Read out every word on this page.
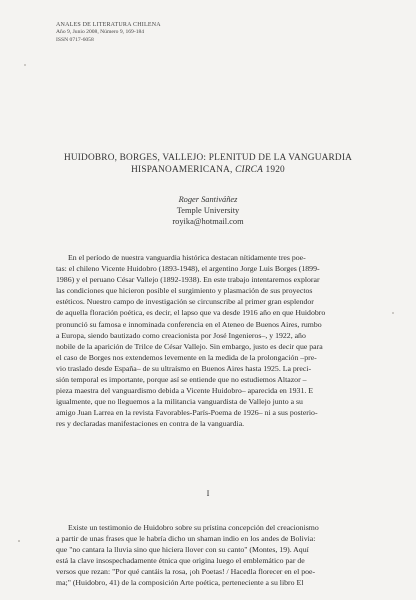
ANALES DE LITERATURA CHILENA
Año 9, Junio 2008, Número 9, 169-184
ISSN 0717-6058
HUIDOBRO, BORGES, VALLEJO: PLENITUD DE LA VANGUARDIA
HISPANOAMERICANA, CIRCA 1920
Roger Santiváñez
Temple University
royika@hotmail.com
En el período de nuestra vanguardia histórica destacan nítidamente tres poe-
tas: el chileno Vicente Huidobro (1893-1948), el argentino Jorge Luis Borges (1899-
1986) y el peruano César Vallejo (1892-1938). En este trabajo intentaremos explorar
las condiciones que hicieron posible el surgimiento y plasmación de sus proyectos
estéticos. Nuestro campo de investigación se circunscribe al primer gran esplendor
de aquella floración poética, es decir, el lapso que va desde 1916 año en que Huidobro
pronunció su famosa e innominada conferencia en el Ateneo de Buenos Aires, rumbo
a Europa, siendo bautizado como creacionista por José Ingenieros–, y 1922, año
nobile de la aparición de Trilce de César Vallejo. Sin embargo, justo es decir que para
el caso de Borges nos extendemos levemente en la medida de la prolongación –pre-
vio traslado desde España– de su ultraísmo en Buenos Aires hasta 1925. La preci-
sión temporal es importante, porque así se entiende que no estudiemos Altazor –
pieza maestra del vanguardismo debida a Vicente Huidobro– aparecida en 1931. E
igualmente, que no lleguemos a la militancia vanguardista de Vallejo junto a su
amigo Juan Larrea en la revista Favorables-París-Poema de 1926– ni a sus posterio-
res y declaradas manifestaciones en contra de la vanguardia.
I
Existe un testimonio de Huidobro sobre su prístina concepción del creacionismo
a partir de unas frases que le habría dicho un shaman indio en los andes de Bolivia:
que "no cantara la lluvia sino que hiciera llover con su canto" (Montes, 19). Aquí
está la clave insospechadamente étnica que origina luego el emblemático par de
versos que rezan: "Por qué cantáis la rosa, ¡oh Poetas! / Hacedla florecer en el poe-
ma;" (Huidobro, 41) de la composición Arte poética, perteneciente a su libro El
